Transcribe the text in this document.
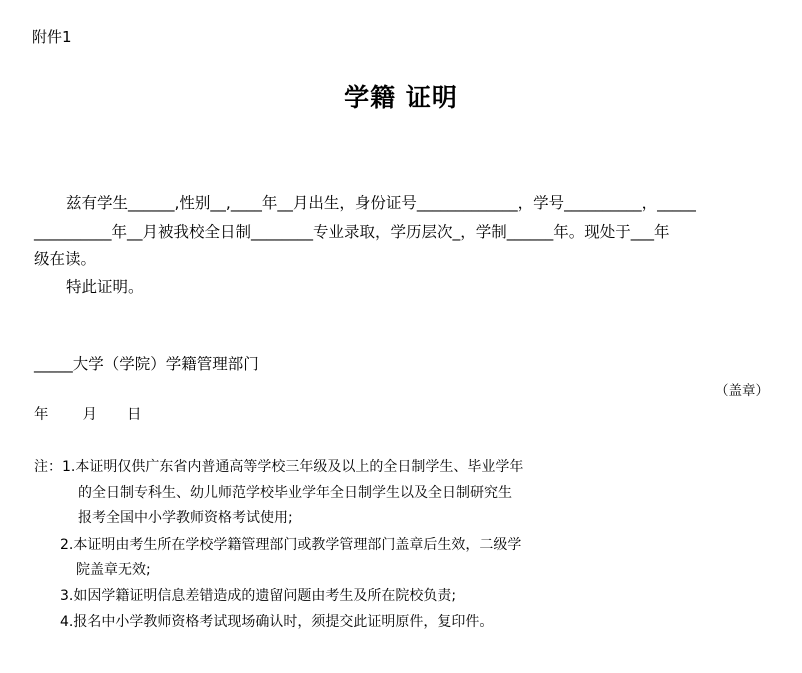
附件1
学籍 证明
兹有学生______,性别__,____年__月出生，身份证号_____________，学号__________，_____
__________年__月被我校全日制________专业录取，学历层次_，学制______年。现处于___年
级在读。
特此证明。
_____大学（学院）学籍管理部门
（盖章）
年 月 日
注：1.本证明仅供广东省内普通高等学校三年级及以上的全日制学生、毕业学年
的全日制专科生、幼儿师范学校毕业学年全日制学生以及全日制研究生
报考全国中小学教师资格考试使用;
2.本证明由考生所在学校学籍管理部门或教学管理部门盖章后生效，二级学
院盖章无效;
3.如因学籍证明信息差错造成的遗留问题由考生及所在院校负责;
4.报名中小学教师资格考试现场确认时，须提交此证明原件，复印件。
